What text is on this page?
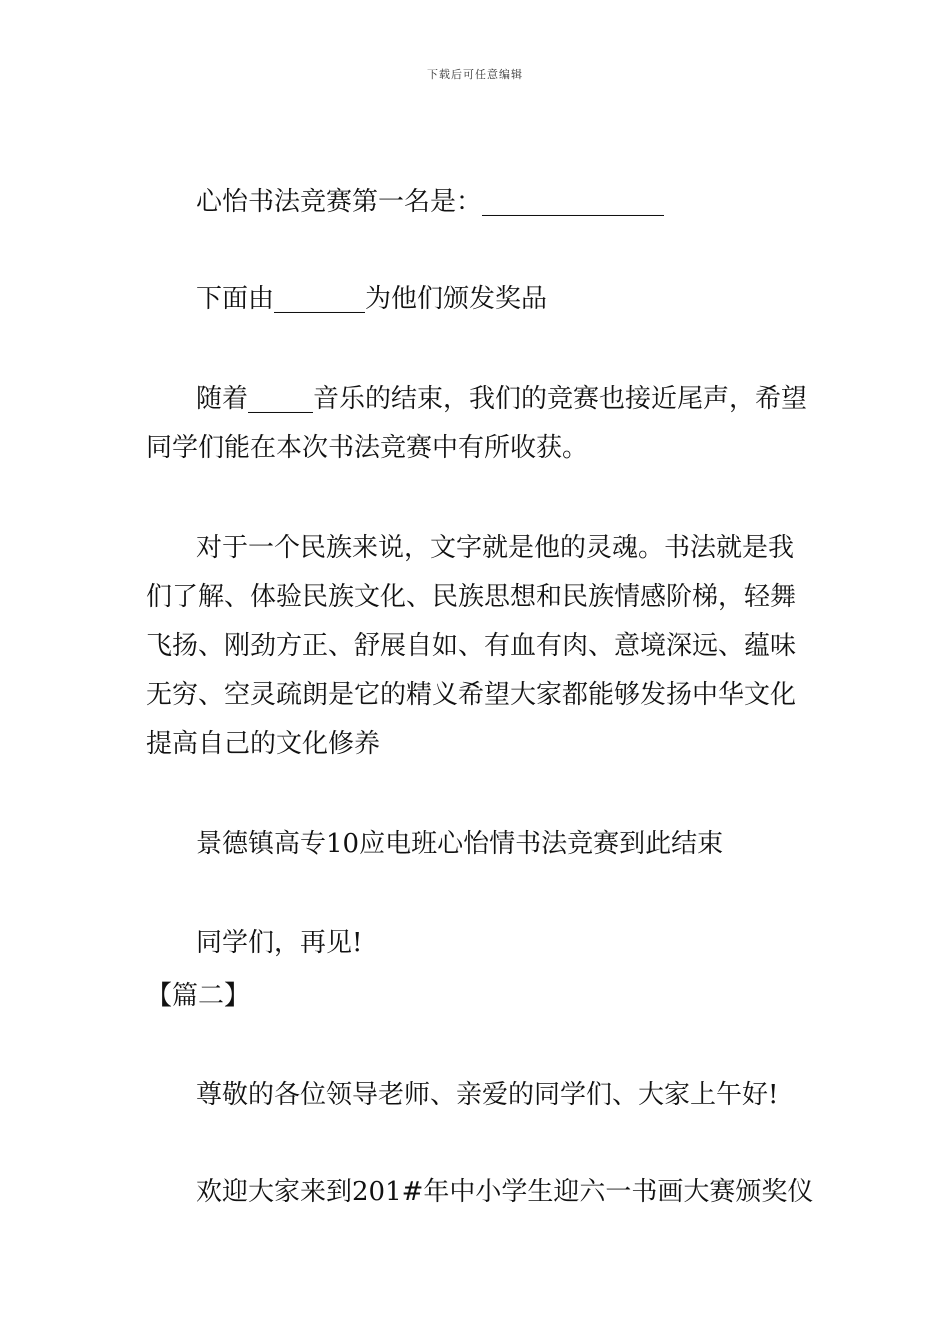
下载后可任意编辑
心怡书法竞赛第一名是：______________
下面由_______为他们颁发奖品
随着_____音乐的结束，我们的竞赛也接近尾声，希望
同学们能在本次书法竞赛中有所收获。
对于一个民族来说，文字就是他的灵魂。书法就是我
们了解、体验民族文化、民族思想和民族情感阶梯，轻舞
飞扬、刚劲方正、舒展自如、有血有肉、意境深远、蕴味
无穷、空灵疏朗是它的精义希望大家都能够发扬中华文化
提高自己的文化修养
景德镇高专10应电班心怡情书法竞赛到此结束
同学们，再见!
【篇二】
尊敬的各位领导老师、亲爱的同学们、大家上午好!
欢迎大家来到201#年中小学生迎六一书画大赛颁奖仪
